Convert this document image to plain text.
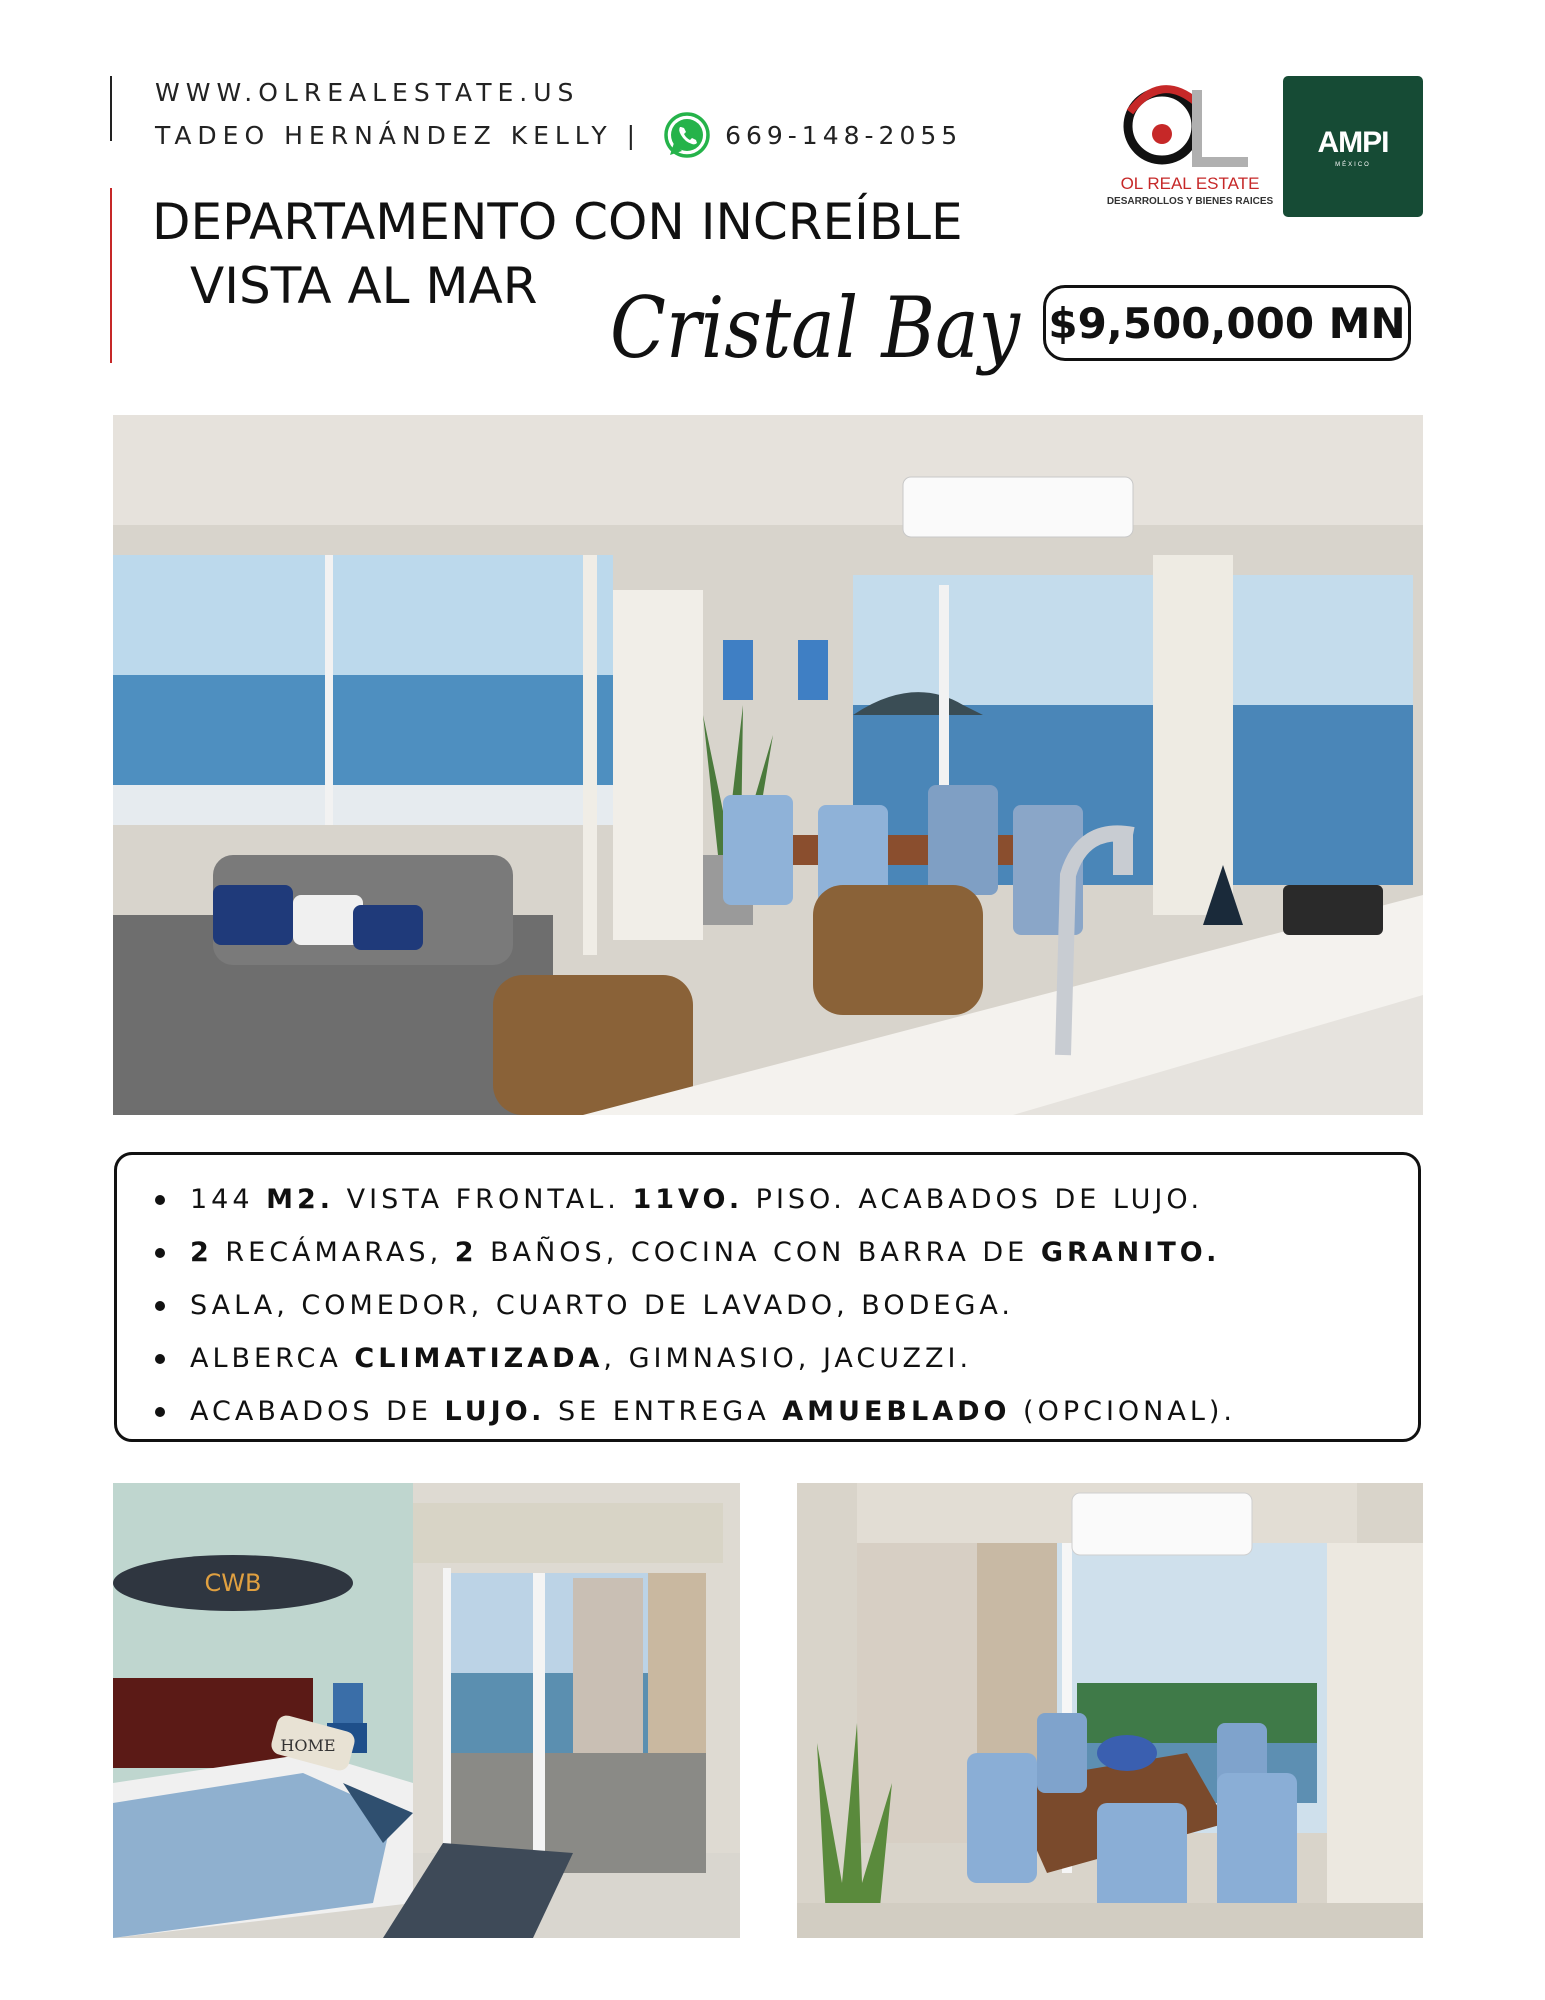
WWW.OLREALESTATE.US
TADEO HERNÁNDEZ KELLY |	669-148-2055
DEPARTAMENTO CON INCREÍBLE
VISTA AL MAR Cristal Bay $9,500,000 MN
OL REAL ESTATE
DESARROLLOS Y BIENES RAICES
AMPI
MÉXICO
144 M2. VISTA FRONTAL. 11VO. PISO. ACABADOS DE LUJO.
2 RECÁMARAS, 2 BAÑOS, COCINA CON BARRA DE GRANITO.
SALA, COMEDOR, CUARTO DE LAVADO, BODEGA.
ALBERCA CLIMATIZADA, GIMNASIO, JACUZZI.
ACABADOS DE LUJO. SE ENTREGA AMUEBLADO (OPCIONAL).
CWB
HOME
